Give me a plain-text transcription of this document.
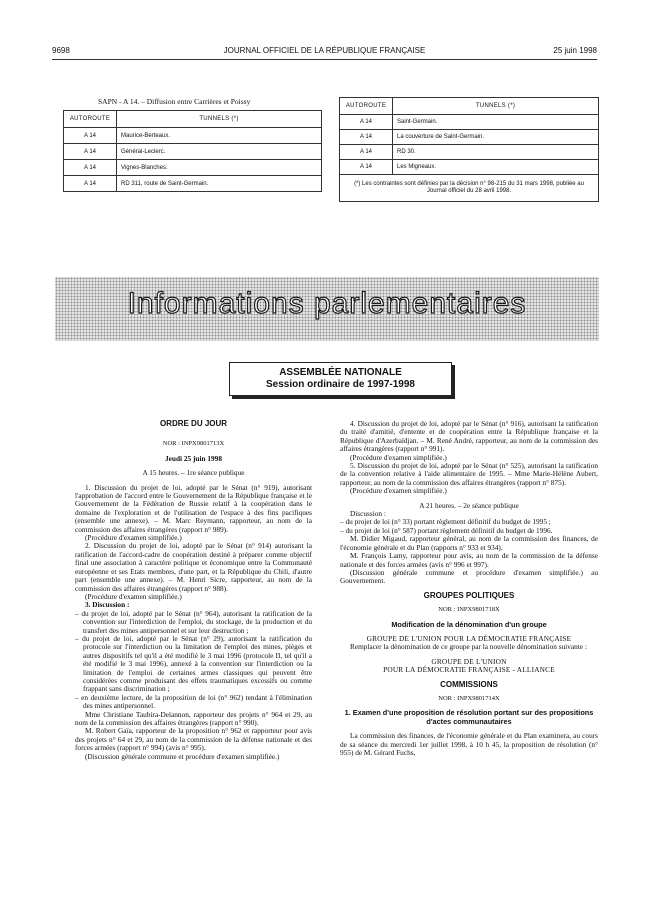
9698	JOURNAL OFFICIEL DE LA RÉPUBLIQUE FRANÇAISE	25 juin 1998
SAPN - A 14. – Diffusion entre Carrières et Poissy
AUTOROUTE	TUNNELS (*)
A 14	Maurice-Berteaux.
A 14	Général-Leclerc.
A 14	Vignes-Blanches.
A 14	RD 311, route de Saint-Germain.
AUTOROUTE	TUNNELS (*)
A 14	Saint-Germain.
A 14	La couverture de Saint-Germain.
A 14	RD 30.
A 14	Les Migneaux.
(*) Les contraintes sont définies par la décision n° 98-215 du 31 mars 1998, publiée au Journal officiel du 28 avril 1998.	
Informations parlementaires
ASSEMBLÉE NATIONALE
Session ordinaire de 1997-1998

ORDRE DU JOUR

NOR : INPX9801713X

Jeudi 25 juin 1998

A 15 heures. – 1re séance publique

1. Discussion du projet de loi, adopté par le Sénat (n° 919), autorisant l'approbation de l'accord entre le Gouvernement de la République française et le Gouvernement de la Fédération de Russie relatif à la coopération dans le domaine de l'exploration et de l'utilisation de l'espace à des fins pacifiques (ensemble une annexe). – M. Marc Reymann, rapporteur, au nom de la commission des affaires étrangères (rapport n° 989).

(Procédure d'examen simplifiée.)

2. Discussion du projet de loi, adopté par le Sénat (n° 914) autorisant la ratification de l'accord-cadre de coopération destiné à préparer comme objectif final une association à caractère politique et économique entre la Communauté européenne et ses Etats membres, d'une part, et la République du Chili, d'autre part (ensemble une annexe). – M. Henri Sicre, rapporteur, au nom de la commission des affaires étrangères (rapport n° 988).

(Procédure d'examen simplifiée.)

3. Discussion :

– du projet de loi, adopté par le Sénat (n° 964), autorisant la ratification de la convention sur l'interdiction de l'emploi, du stockage, de la production et du transfert des mines antipersonnel et sur leur destruction ;

– du projet de loi, adopté par le Sénat (n° 29), autorisant la ratification du protocole sur l'interdiction ou la limitation de l'emploi des mines, pièges et autres dispositifs tel qu'il a été modifié le 3 mai 1996 (protocole II, tel qu'il a été modifié le 3 mai 1996), annexé à la convention sur l'interdiction ou la limitation de l'emploi de certaines armes classiques qui peuvent être considérées comme produisant des effets traumatiques excessifs ou comme frappant sans discrimination ;

– en deuxième lecture, de la proposition de loi (n° 962) tendant à l'élimination des mines antipersonnel.

Mme Christiane Taubira-Delannon, rapporteur des projets n° 964 et 29, au nom de la commission des affaires étrangères (rapport n° 990).

M. Robert Gaïa, rapporteur de la proposition n° 962 et rapporteur pour avis des projets n° 64 et 29, au nom de la commission de la défense nationale et des forces armées (rapport n° 994) (avis n° 995).

(Discussion générale commune et procédure d'examen simplifiée.)

4. Discussion du projet de loi, adopté par le Sénat (n° 916), autorisant la ratification du traité d'amitié, d'entente et de coopération entre la République française et la République d'Azerbaïdjan. – M. René André, rapporteur, au nom de la commission des affaires étrangères (rapport n° 991).

(Procédure d'examen simplifiée.)

5. Discussion du projet de loi, adopté par le Sénat (n° 525), autorisant la ratification de la convention relative à l'aide alimentaire de 1995. – Mme Marie-Hélène Aubert, rapporteur, au nom de la commission des affaires étrangères (rapport n° 875).

(Procédure d'examen simplifiée.)

A 21 heures. – 2e séance publique

Discussion :

– du projet de loi (n° 33) portant règlement définitif du budget de 1995 ;

– du projet de loi (n° 587) portant règlement définitif du budget de 1996.

M. Didier Migaud, rapporteur général, au nom de la commission des finances, de l'économie générale et du Plan (rapports n° 933 et 934).

M. François Lamy, rapporteur pour avis, au nom de la commission de la défense nationale et des forces armées (avis n° 996 et 997).

(Discussion générale commune et procédure d'examen simplifiée.) au Gouvernement.

GROUPES POLITIQUES

NOR : INPX9801718X

Modification de la dénomination d'un groupe

GROUPE DE L'UNION POUR LA DÉMOCRATIE FRANÇAISE

Remplacer la dénomination de ce groupe par la nouvelle dénomination suivante :

GROUPE DE L'UNION

POUR LA DÉMOCRATIE FRANÇAISE - ALLIANCE

COMMISSIONS

NOR : INPX9801714X

1. Examen d'une proposition de résolution portant sur des propositions d'actes communautaires

La commission des finances, de l'économie générale et du Plan examinera, au cours de sa séance du mercredi 1er juillet 1998, à 10 h 45, la proposition de résolution (n° 955) de M. Gérard Fuchs,
